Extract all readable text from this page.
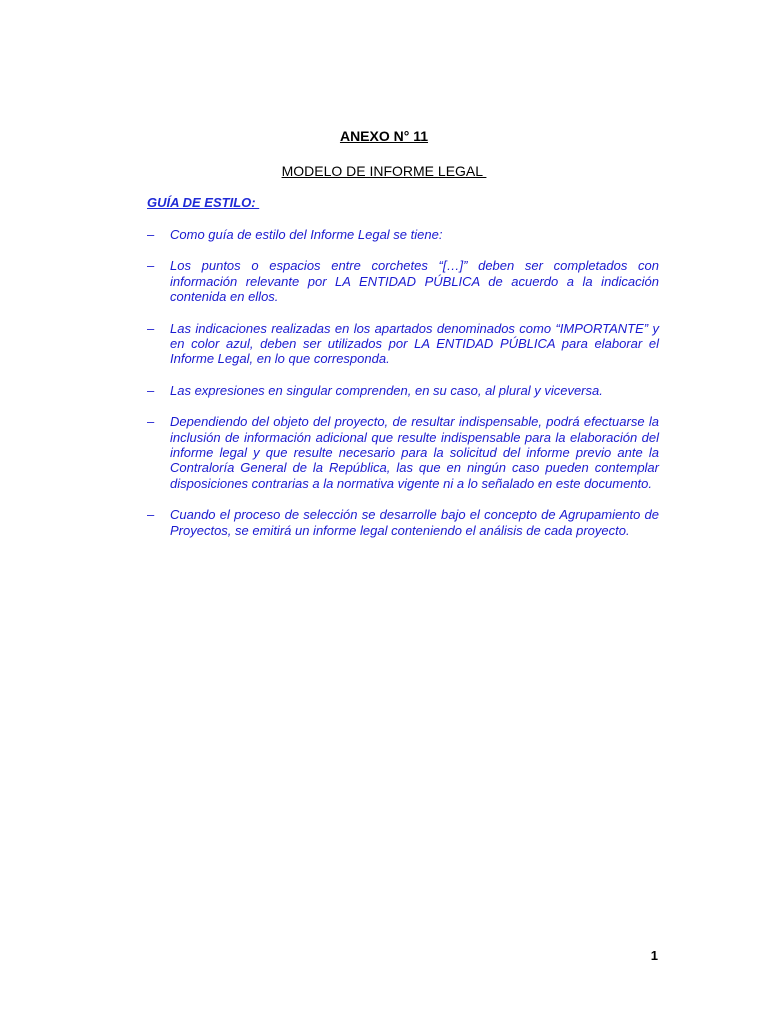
ANEXO N° 11
MODELO DE INFORME LEGAL
GUÍA DE ESTILO:
–	Como guía de estilo del Informe Legal se tiene:
–	Los puntos o espacios entre corchetes “[…]” deben ser completados con información relevante por LA ENTIDAD PÚBLICA de acuerdo a la indicación contenida en ellos.
–	Las indicaciones realizadas en los apartados denominados como “IMPORTANTE” y en color azul, deben ser utilizados por LA ENTIDAD PÚBLICA para elaborar el Informe Legal, en lo que corresponda.
–	Las expresiones en singular comprenden, en su caso, al plural y viceversa.
–	Dependiendo del objeto del proyecto, de resultar indispensable, podrá efectuarse la inclusión de información adicional que resulte indispensable para la elaboración del informe legal y que resulte necesario para la solicitud del informe previo ante la Contraloría General de la República, las que en ningún caso pueden contemplar disposiciones contrarias a la normativa vigente ni a lo señalado en este documento.
–	Cuando el proceso de selección se desarrolle bajo el concepto de Agrupamiento de Proyectos, se emitirá un informe legal conteniendo el análisis de cada proyecto.
1
